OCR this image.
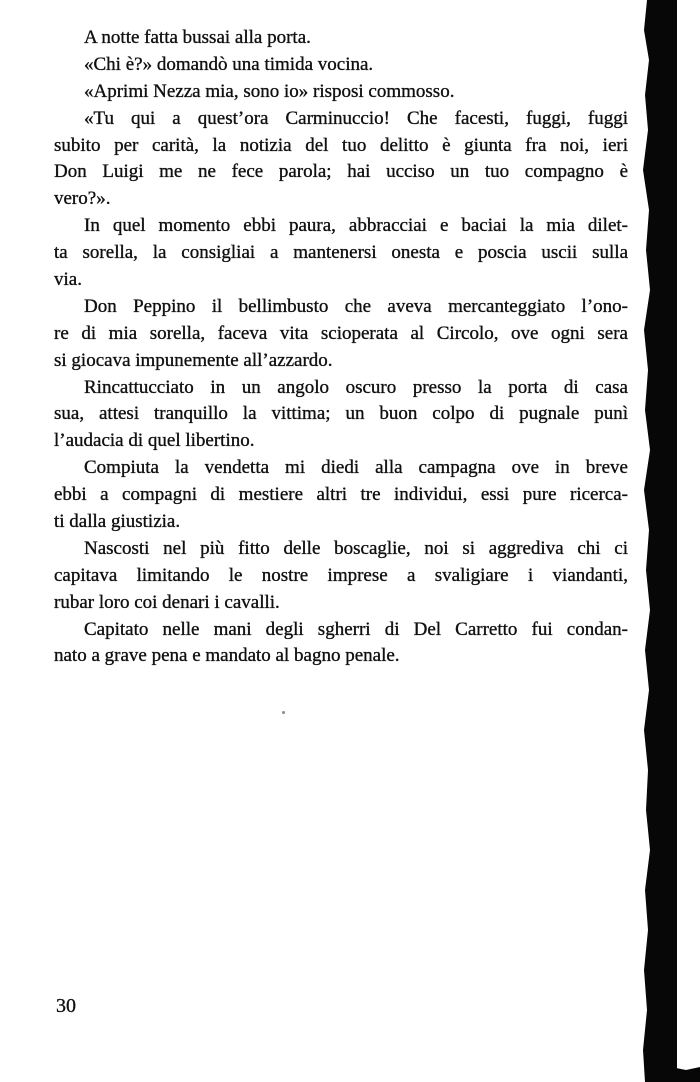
A notte fatta bussai alla porta.
«Chi è?» domandò una timida vocina.
«Aprimi Nezza mia, sono io» risposi commosso.
«Tu qui a quest’ora Carminuccio! Che facesti, fuggi, fuggi
subito per carità, la notizia del tuo delitto è giunta fra noi, ieri
Don Luigi me ne fece parola; hai ucciso un tuo compagno è
vero?».
In quel momento ebbi paura, abbracciai e baciai la mia dilet-
ta sorella, la consigliai a mantenersi onesta e poscia uscii sulla
via.
Don Peppino il bellimbusto che aveva mercanteggiato l’ono-
re di mia sorella, faceva vita scioperata al Circolo, ove ogni sera
si giocava impunemente all’azzardo.
Rincattucciato in un angolo oscuro presso la porta di casa
sua, attesi tranquillo la vittima; un buon colpo di pugnale punì
l’audacia di quel libertino.
Compiuta la vendetta mi diedi alla campagna ove in breve
ebbi a compagni di mestiere altri tre individui, essi pure ricerca-
ti dalla giustizia.
Nascosti nel più fitto delle boscaglie, noi si aggrediva chi ci
capitava limitando le nostre imprese a svaligiare i viandanti,
rubar loro coi denari i cavalli.
Capitato nelle mani degli sgherri di Del Carretto fui condan-
nato a grave pena e mandato al bagno penale.
30
